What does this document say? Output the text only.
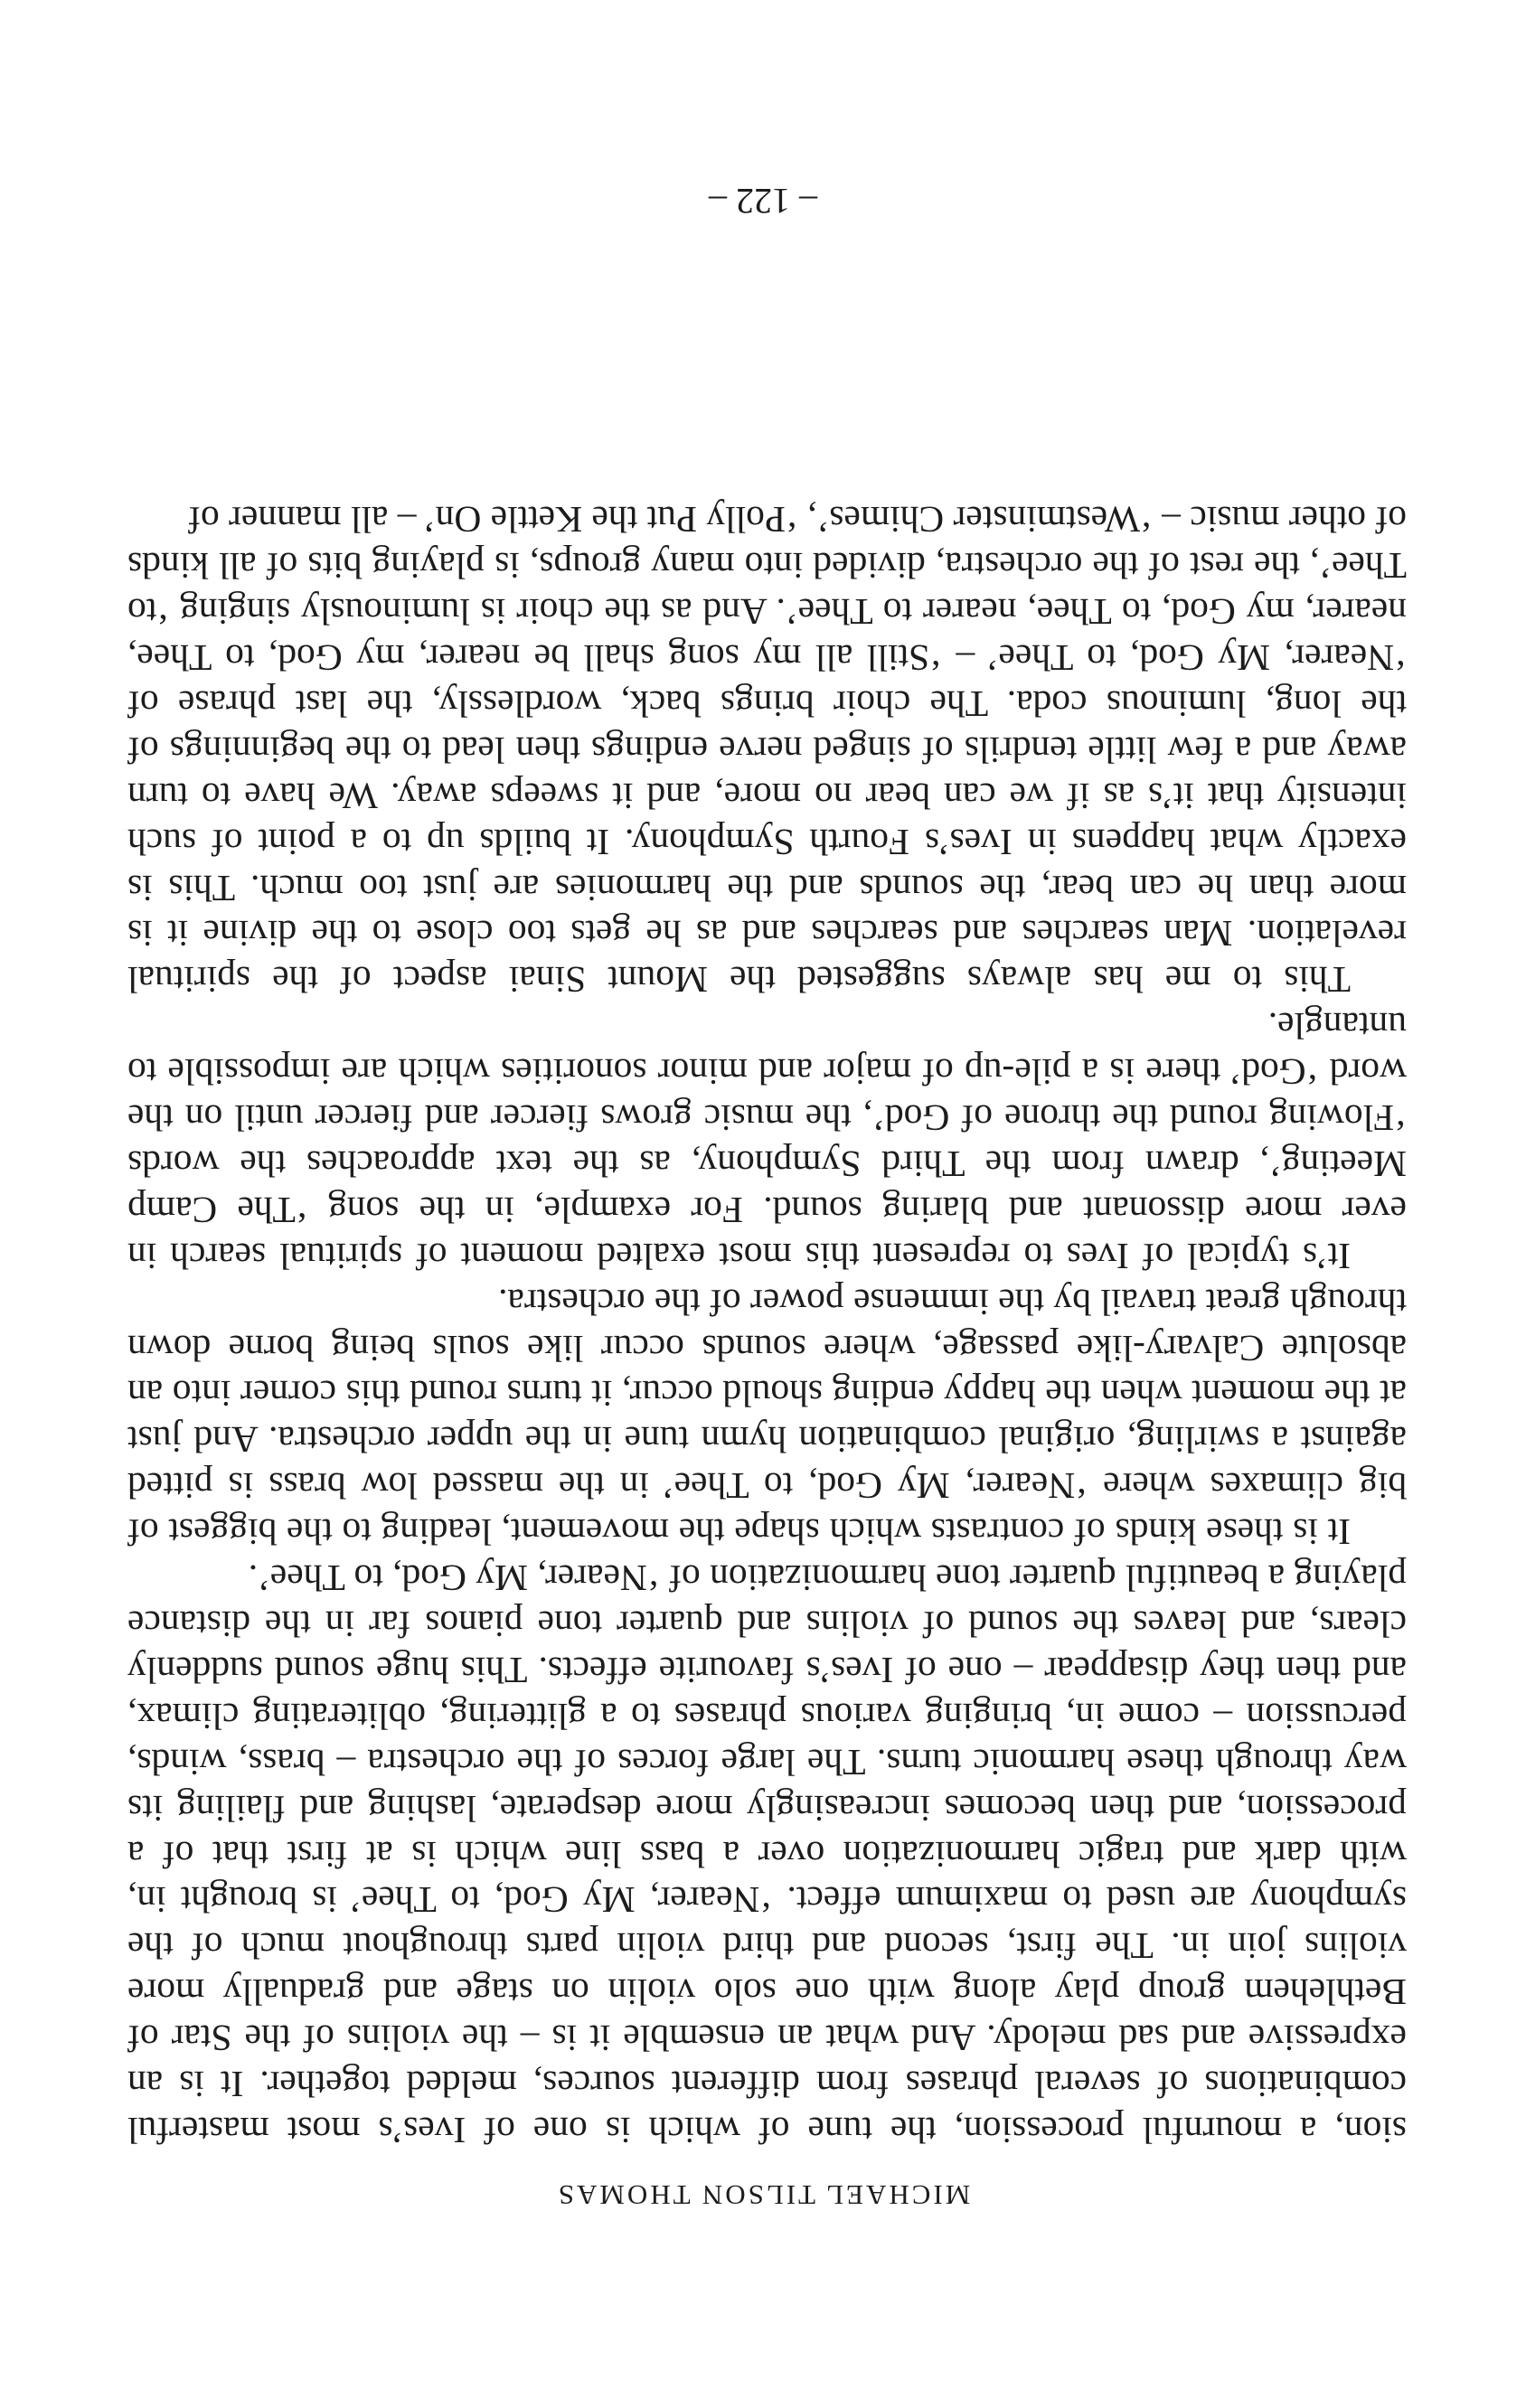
MICHAEL TILSON THOMAS

sion, a mournful procession, the tune of which is one of Ives’s most masterful combinations of several phrases from different sources, melded together. It is an expressive and sad melody. And what an ensemble it is – the violins of the Star of Bethlehem group play along with one solo violin on stage and gradually more violins join in. The first, second and third violin parts throughout much of the symphony are used to maximum effect. ‘Nearer, My God, to Thee’ is brought in, with dark and tragic harmonization over a bass line which is at first that of a procession, and then becomes increasingly more desperate, lashing and flailing its way through these harmonic turns. The large forces of the orchestra – brass, winds, percussion – come in, bringing various phrases to a glittering, obliterating climax, and then they disappear – one of Ives’s favourite effects. This huge sound suddenly clears, and leaves the sound of violins and quarter tone pianos far in the distance playing a beautiful quarter tone harmonization of ‘Nearer, My God, to Thee’.

It is these kinds of contrasts which shape the movement, leading to the biggest of big climaxes where ‘Nearer, My God, to Thee’ in the massed low brass is pitted against a swirling, original combination hymn tune in the upper orchestra. And just at the moment when the happy ending should occur, it turns round this corner into an absolute Calvary-like passage, where sounds occur like souls being borne down through great travail by the immense power of the orchestra.

It’s typical of Ives to represent this most exalted moment of spiritual search in ever more dissonant and blaring sound. For example, in the song ‘The Camp Meeting’, drawn from the Third Symphony, as the text approaches the words ‘Flowing round the throne of God’, the music grows fiercer and fiercer until on the word ‘God’ there is a pile-up of major and minor sonorities which are impossible to untangle.

This to me has always suggested the Mount Sinai aspect of the spiritual revelation. Man searches and searches and as he gets too close to the divine it is more than he can bear, the sounds and the harmonies are just too much. This is exactly what happens in Ives’s Fourth Symphony. It builds up to a point of such intensity that it’s as if we can bear no more, and it sweeps away. We have to turn away and a few little tendrils of singed nerve endings then lead to the beginnings of the long, luminous coda. The choir brings back, wordlessly, the last phrase of ‘Nearer, My God, to Thee’ – ‘Still all my song shall be nearer, my God, to Thee, nearer, my God, to Thee, nearer to Thee’. And as the choir is luminously singing ‘to Thee’, the rest of the orchestra, divided into many groups, is playing bits of all kinds of other music – ‘Westminster Chimes’, ‘Polly Put the Kettle On’ – all manner of

– 122 –
